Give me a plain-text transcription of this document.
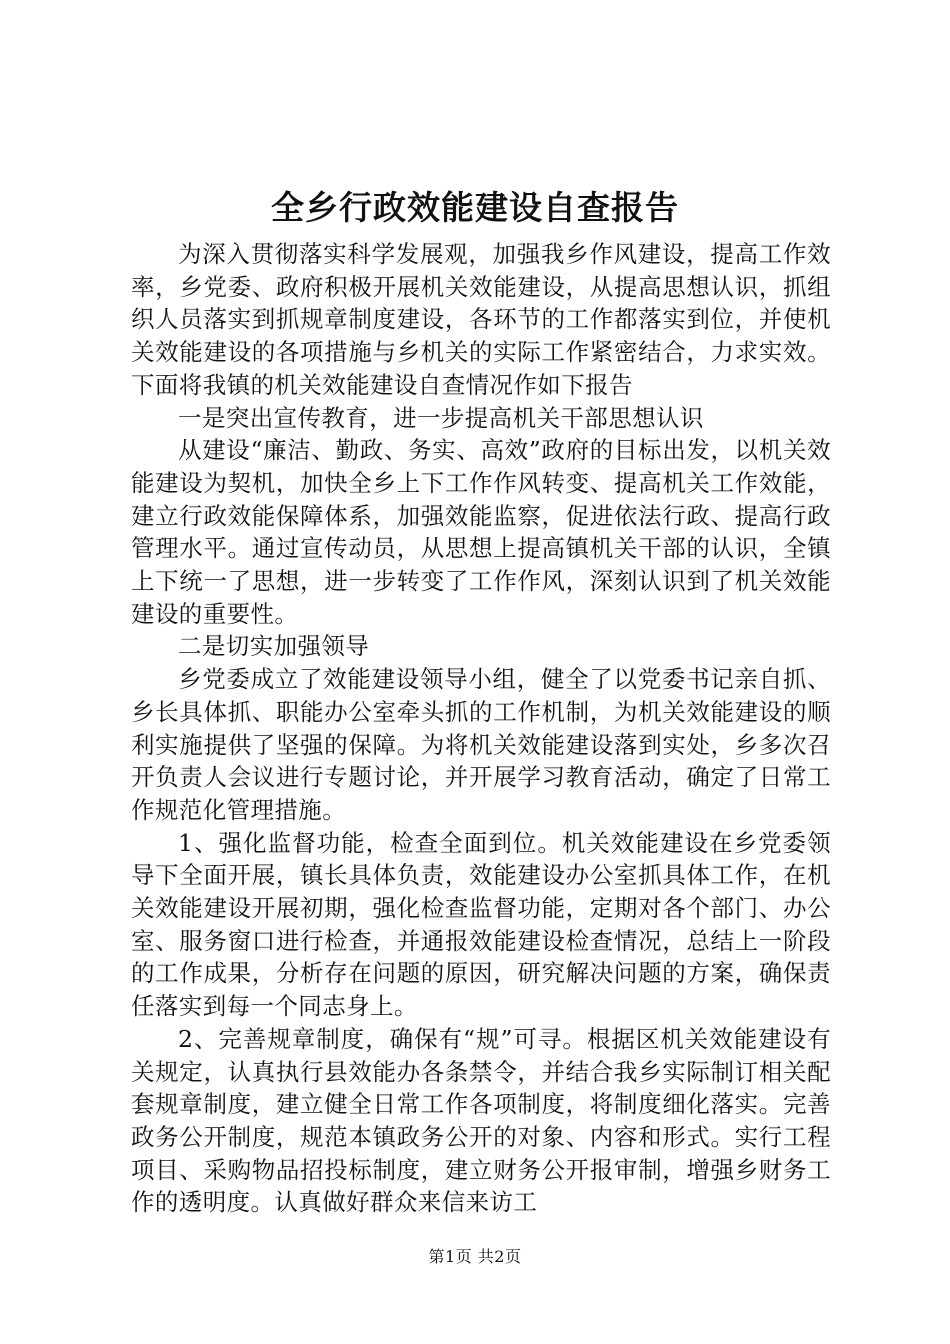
全乡行政效能建设自查报告

为深入贯彻落实科学发展观，加强我乡作风建设，提高工作效率，乡党委、政府积极开展机关效能建设，从提高思想认识，抓组织人员落实到抓规章制度建设，各环节的工作都落实到位，并使机关效能建设的各项措施与乡机关的实际工作紧密结合，力求实效。下面将我镇的机关效能建设自查情况作如下报告

一是突出宣传教育，进一步提高机关干部思想认识

从建设“廉洁、勤政、务实、高效”政府的目标出发，以机关效能建设为契机，加快全乡上下工作作风转变、提高机关工作效能，建立行政效能保障体系，加强效能监察，促进依法行政、提高行政管理水平。通过宣传动员，从思想上提高镇机关干部的认识，全镇上下统一了思想，进一步转变了工作作风，深刻认识到了机关效能建设的重要性。

二是切实加强领导

乡党委成立了效能建设领导小组，健全了以党委书记亲自抓、乡长具体抓、职能办公室牵头抓的工作机制，为机关效能建设的顺利实施提供了坚强的保障。为将机关效能建设落到实处，乡多次召开负责人会议进行专题讨论，并开展学习教育活动，确定了日常工作规范化管理措施。

1、强化监督功能，检查全面到位。机关效能建设在乡党委领导下全面开展，镇长具体负责，效能建设办公室抓具体工作，在机关效能建设开展初期，强化检查监督功能，定期对各个部门、办公室、服务窗口进行检查，并通报效能建设检查情况，总结上一阶段的工作成果，分析存在问题的原因，研究解决问题的方案，确保责任落实到每一个同志身上。

2、完善规章制度，确保有“规”可寻。根据区机关效能建设有关规定，认真执行县效能办各条禁令，并结合我乡实际制订相关配套规章制度，建立健全日常工作各项制度，将制度细化落实。完善政务公开制度，规范本镇政务公开的对象、内容和形式。实行工程项目、采购物品招投标制度，建立财务公开报审制，增强乡财务工作的透明度。认真做好群众来信来访工

第1页 共2页
